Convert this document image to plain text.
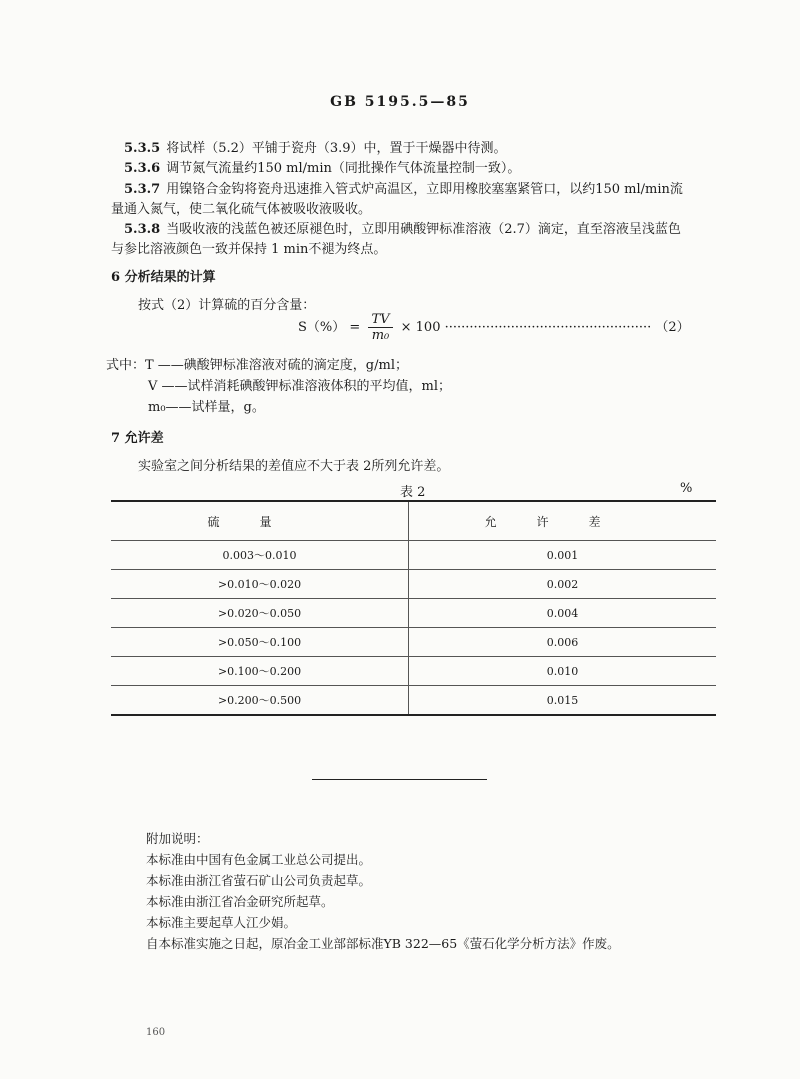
GB 5195.5—85
5.3.5 将试样（5.2）平铺于瓷舟（3.9）中，置于干燥器中待测。
5.3.6 调节氮气流量约150 ml/min（同批操作气体流量控制一致）。
5.3.7 用镍铬合金钩将瓷舟迅速推入管式炉高温区，立即用橡胶塞塞紧管口，以约150 ml/min流
量通入氮气，使二氧化硫气体被吸收液吸收。
5.3.8 当吸收液的浅蓝色被还原褪色时，立即用碘酸钾标准溶液（2.7）滴定，直至溶液呈浅蓝色
与参比溶液颜色一致并保持 1 min不褪为终点。
6 分析结果的计算
按式（2）计算硫的百分含量：
$S(\%) = \frac{TV}{\text{m₀}} \times 100$ ·················································· （2）
式中：T ——碘酸钾标准溶液对硫的滴定度，g/ml；
V ——试样消耗碘酸钾标准溶液体积的平均值，ml；
m₀——试样量，g。
7 允许差
实验室之间分析结果的差值应不大于表 2所列允许差。
表 2	%
硫量	允许差
0.003～0.010	0.001
>0.010～0.020	0.002
>0.020～0.050	0.004
>0.050～0.100	0.006
>0.100～0.200	0.010
>0.200～0.500	0.015
附加说明：
本标准由中国有色金属工业总公司提出。
本标准由浙江省萤石矿山公司负责起草。
本标准由浙江省冶金研究所起草。
本标准主要起草人江少娟。
自本标准实施之日起，原冶金工业部部标准YB 322—65《萤石化学分析方法》作废。
160
